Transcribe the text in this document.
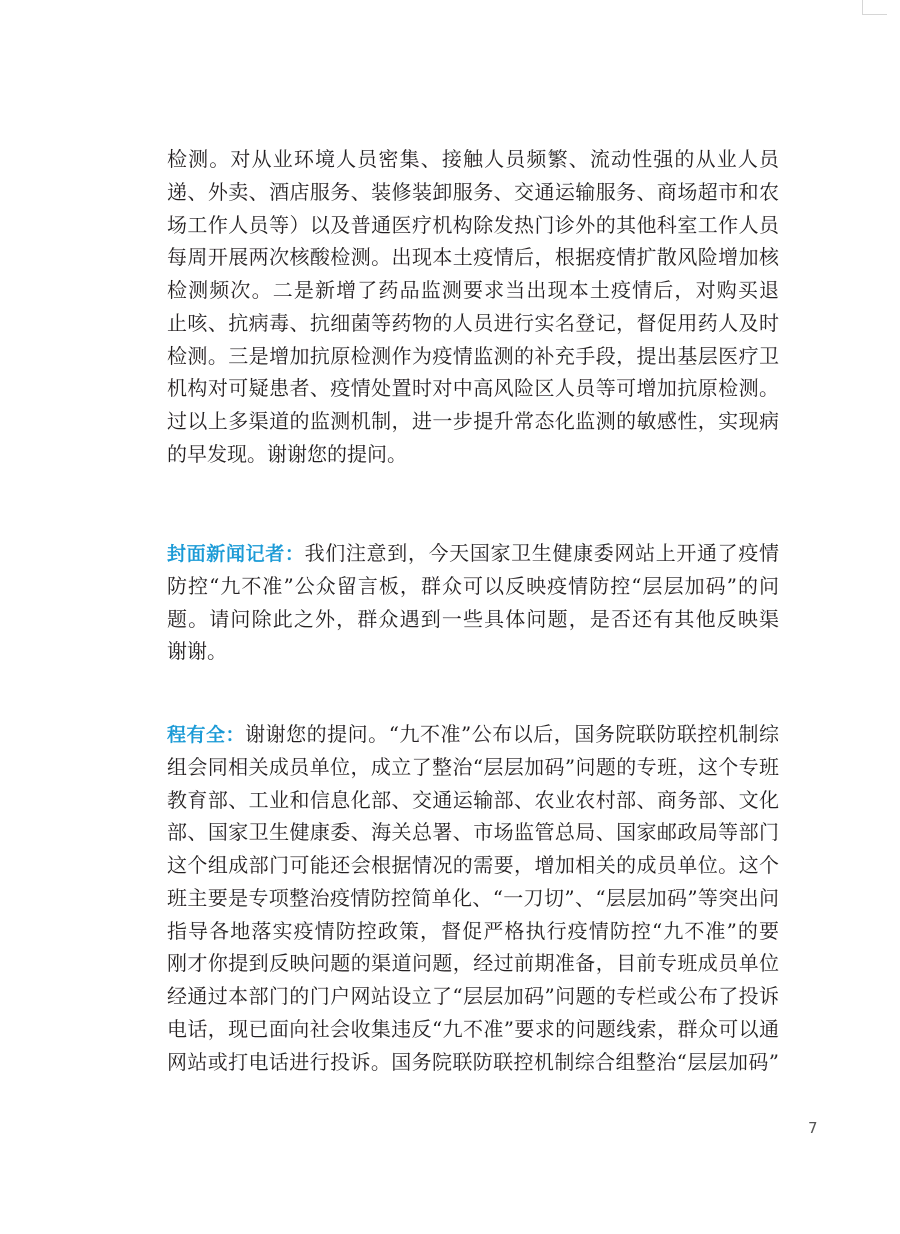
检测。对从业环境人员密集、接触人员频繁、流动性强的从业人员
递、外卖、酒店服务、装修装卸服务、交通运输服务、商场超市和农
场工作人员等）以及普通医疗机构除发热门诊外的其他科室工作人员
每周开展两次核酸检测。出现本土疫情后，根据疫情扩散风险增加核
检测频次。二是新增了药品监测要求当出现本土疫情后，对购买退
止咳、抗病毒、抗细菌等药物的人员进行实名登记，督促用药人及时
检测。三是增加抗原检测作为疫情监测的补充手段，提出基层医疗卫
机构对可疑患者、疫情处置时对中高风险区人员等可增加抗原检测。
过以上多渠道的监测机制，进一步提升常态化监测的敏感性，实现病
的早发现。谢谢您的提问。
封面新闻记者：我们注意到，今天国家卫生健康委网站上开通了疫情
防控“九不准”公众留言板，群众可以反映疫情防控“层层加码”的问
题。请问除此之外，群众遇到一些具体问题，是否还有其他反映渠
谢谢。
程有全：谢谢您的提问。“九不准”公布以后，国务院联防联控机制综
组会同相关成员单位，成立了整治“层层加码”问题的专班，这个专班
教育部、工业和信息化部、交通运输部、农业农村部、商务部、文化
部、国家卫生健康委、海关总署、市场监管总局、国家邮政局等部门
这个组成部门可能还会根据情况的需要，增加相关的成员单位。这个
班主要是专项整治疫情防控简单化、“一刀切”、“层层加码”等突出问
指导各地落实疫情防控政策，督促严格执行疫情防控“九不准”的要
刚才你提到反映问题的渠道问题，经过前期准备，目前专班成员单位
经通过本部门的门户网站设立了“层层加码”问题的专栏或公布了投诉
电话，现已面向社会收集违反“九不准”要求的问题线索，群众可以通
网站或打电话进行投诉。国务院联防联控机制综合组整治“层层加码”
7
